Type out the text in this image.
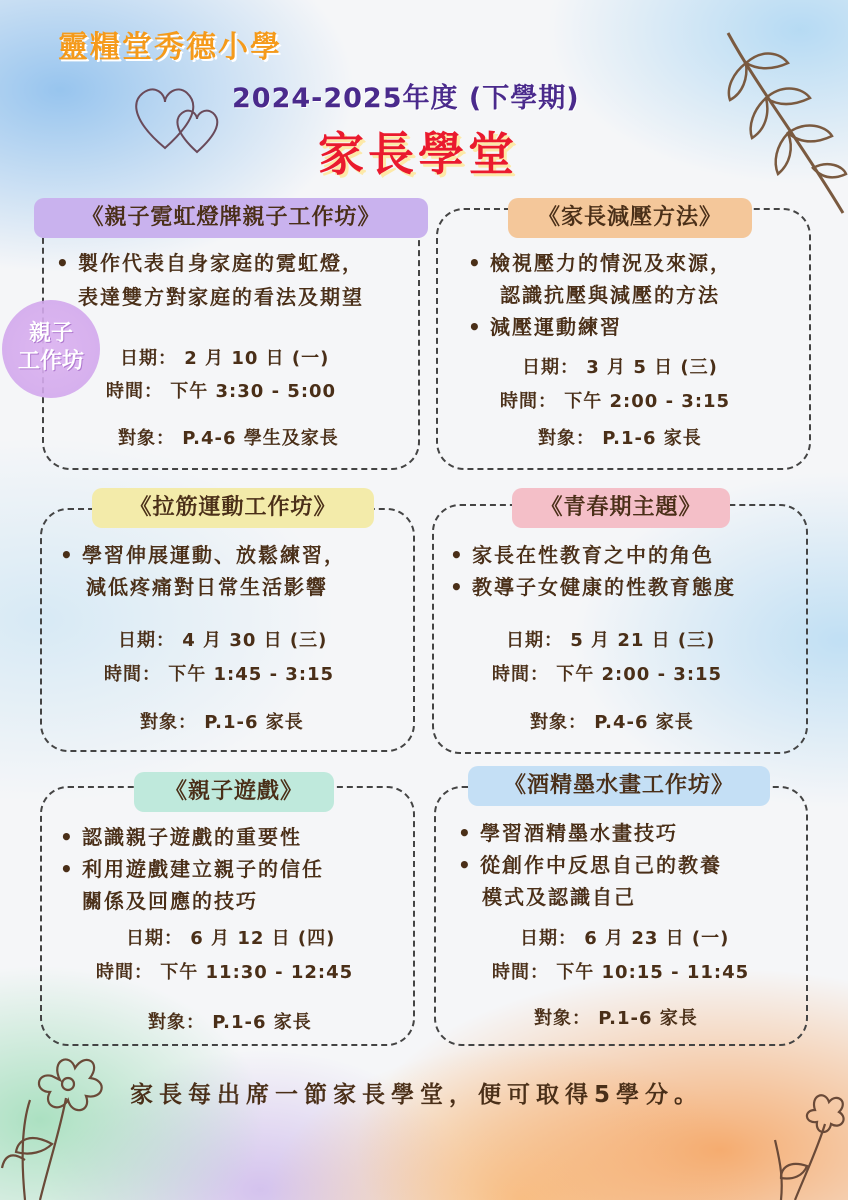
靈糧堂秀德小學
2024-2025年度 (下學期)
家長學堂
《親子霓虹燈牌親子工作坊》
• 製作代表自身家庭的霓虹燈，
表達雙方對家庭的看法及期望
日期： 2 月 10 日 (一)
時間： 下午 3:30 - 5:00
對象： P.4-6 學生及家長
親子
工作坊
《家長減壓方法》
• 檢視壓力的情況及來源，
認識抗壓與減壓的方法
• 減壓運動練習
日期： 3 月 5 日 (三)
時間： 下午 2:00 - 3:15
對象： P.1-6 家長
《拉筋運動工作坊》
• 學習伸展運動、放鬆練習，
減低疼痛對日常生活影響
日期： 4 月 30 日 (三)
時間： 下午 1:45 - 3:15
對象： P.1-6 家長
《青春期主題》
• 家長在性教育之中的角色
• 教導子女健康的性教育態度
日期： 5 月 21 日 (三)
時間： 下午 2:00 - 3:15
對象： P.4-6 家長
《親子遊戲》
• 認識親子遊戲的重要性
• 利用遊戲建立親子的信任
關係及回應的技巧
日期： 6 月 12 日 (四)
時間： 下午 11:30 - 12:45
對象： P.1-6 家長
《酒精墨水畫工作坊》
• 學習酒精墨水畫技巧
• 從創作中反思自己的教養
模式及認識自己
日期： 6 月 23 日 (一)
時間： 下午 10:15 - 11:45
對象： P.1-6 家長
家長每出席一節家長學堂，便可取得5學分。
